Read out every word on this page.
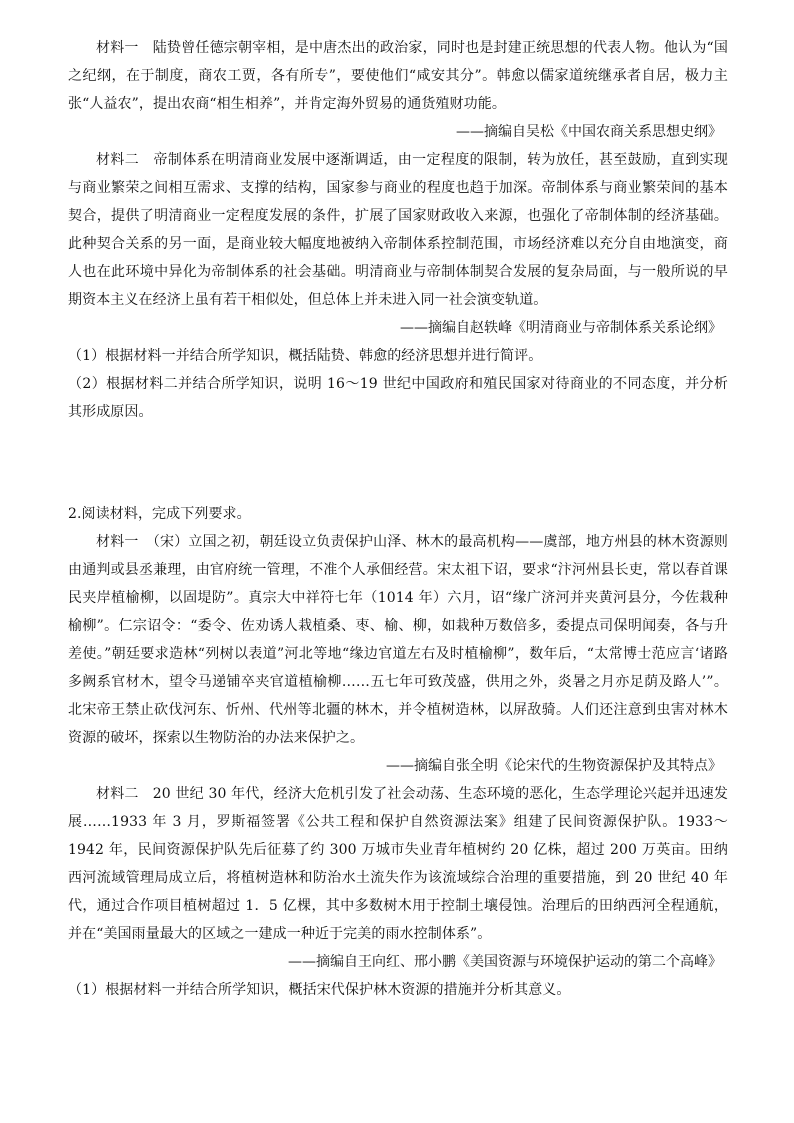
材料一　陆贽曾任德宗朝宰相，是中唐杰出的政治家，同时也是封建正统思想的代表人物。他认为“国之纪纲，在于制度，商农工贾，各有所专”，要使他们“咸安其分”。韩愈以儒家道统继承者自居，极力主张“人益农”，提出农商“相生相养”，并肯定海外贸易的通货殖财功能。

——摘编自吴松《中国农商关系思想史纲》

材料二　帝制体系在明清商业发展中逐渐调适，由一定程度的限制，转为放任，甚至鼓励，直到实现与商业繁荣之间相互需求、支撑的结构，国家参与商业的程度也趋于加深。帝制体系与商业繁荣间的基本契合，提供了明清商业一定程度发展的条件，扩展了国家财政收入来源，也强化了帝制体制的经济基础。此种契合关系的另一面，是商业较大幅度地被纳入帝制体系控制范围，市场经济难以充分自由地演变，商人也在此环境中异化为帝制体系的社会基础。明清商业与帝制体制契合发展的复杂局面，与一般所说的早期资本主义在经济上虽有若干相似处，但总体上并未进入同一社会演变轨道。

——摘编自赵轶峰《明清商业与帝制体系关系论纲》

（1）根据材料一并结合所学知识，概括陆贽、韩愈的经济思想并进行简评。

（2）根据材料二并结合所学知识，说明 16～19 世纪中国政府和殖民国家对待商业的不同态度，并分析其形成原因。

2.阅读材料，完成下列要求。

材料一　（宋）立国之初，朝廷设立负责保护山泽、林木的最高机构——虞部，地方州县的林木资源则由通判或县丞兼理，由官府统一管理，不准个人承佃经营。宋太祖下诏，要求“汴河州县长吏，常以春首课民夹岸植榆柳，以固堤防”。真宗大中祥符七年（1014 年）六月，诏“缘广济河并夹黄河县分，今佐栽种榆柳”。仁宗诏令：“委令、佐劝诱人栽植桑、枣、榆、柳，如栽种万数倍多，委提点司保明闻奏，各与升差使。”朝廷要求造林“列树以表道”河北等地“缘边官道左右及时植榆柳”，数年后，“太常博士范应言‘诸路多阙系官材木，望令马递铺卒夹官道植榆柳……五七年可致茂盛，供用之外，炎暑之月亦足荫及路人’”。北宋帝王禁止砍伐河东、忻州、代州等北疆的林木，并令植树造林，以屏敌骑。人们还注意到虫害对林木资源的破坏，探索以生物防治的办法来保护之。

——摘编自张全明《论宋代的生物资源保护及其特点》

材料二　20 世纪 30 年代，经济大危机引发了社会动荡、生态环境的恶化，生态学理论兴起并迅速发展……1933 年 3 月，罗斯福签署《公共工程和保护自然资源法案》组建了民间资源保护队。1933～1942 年，民间资源保护队先后征募了约 300 万城市失业青年植树约 20 亿株，超过 200 万英亩。田纳西河流域管理局成立后，将植树造林和防治水土流失作为该流域综合治理的重要措施，到 20 世纪 40 年代，通过合作项目植树超过 1．5 亿棵，其中多数树木用于控制土壤侵蚀。治理后的田纳西河全程通航，并在“美国雨量最大的区域之一建成一种近于完美的雨水控制体系”。

——摘编自王向红、邢小鹏《美国资源与环境保护运动的第二个高峰》

（1）根据材料一并结合所学知识，概括宋代保护林木资源的措施并分析其意义。
